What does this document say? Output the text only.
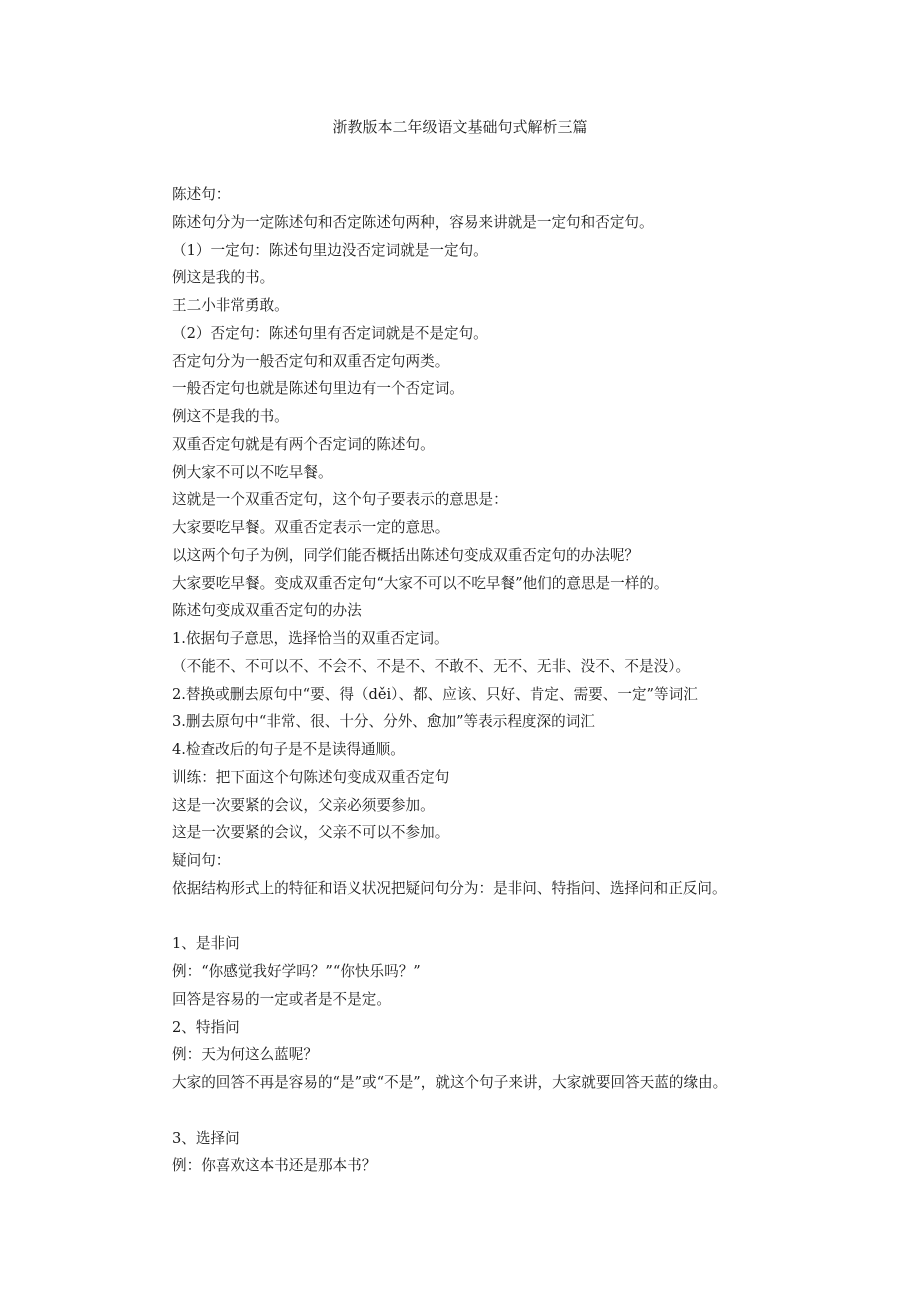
浙教版本二年级语文基础句式解析三篇
陈述句：
陈述句分为一定陈述句和否定陈述句两种，容易来讲就是一定句和否定句。
（1）一定句：陈述句里边没否定词就是一定句。
例这是我的书。
王二小非常勇敢。
（2）否定句：陈述句里有否定词就是不是定句。
否定句分为一般否定句和双重否定句两类。
一般否定句也就是陈述句里边有一个否定词。
例这不是我的书。
双重否定句就是有两个否定词的陈述句。
例大家不可以不吃早餐。
这就是一个双重否定句，这个句子要表示的意思是：
大家要吃早餐。双重否定表示一定的意思。
以这两个句子为例，同学们能否概括出陈述句变成双重否定句的办法呢？
大家要吃早餐。变成双重否定句“大家不可以不吃早餐”他们的意思是一样的。
陈述句变成双重否定句的办法
1.依据句子意思，选择恰当的双重否定词。
（不能不、不可以不、不会不、不是不、不敢不、无不、无非、没不、不是没）。
2.替换或删去原句中“要、得（děi）、都、应该、只好、肯定、需要、一定”等词汇
3.删去原句中“非常、很、十分、分外、愈加”等表示程度深的词汇
4.检查改后的句子是不是读得通顺。
训练：把下面这个句陈述句变成双重否定句
这是一次要紧的会议，父亲必须要参加。
这是一次要紧的会议，父亲不可以不参加。
疑问句：
依据结构形式上的特征和语义状况把疑问句分为：是非问、特指问、选择问和正反问。
1、是非问
例：“你感觉我好学吗？”“你快乐吗？”
回答是容易的一定或者是不是定。
2、特指问
例：天为何这么蓝呢？
大家的回答不再是容易的“是”或“不是”，就这个句子来讲，大家就要回答天蓝的缘由。
3、选择问
例：你喜欢这本书还是那本书？
